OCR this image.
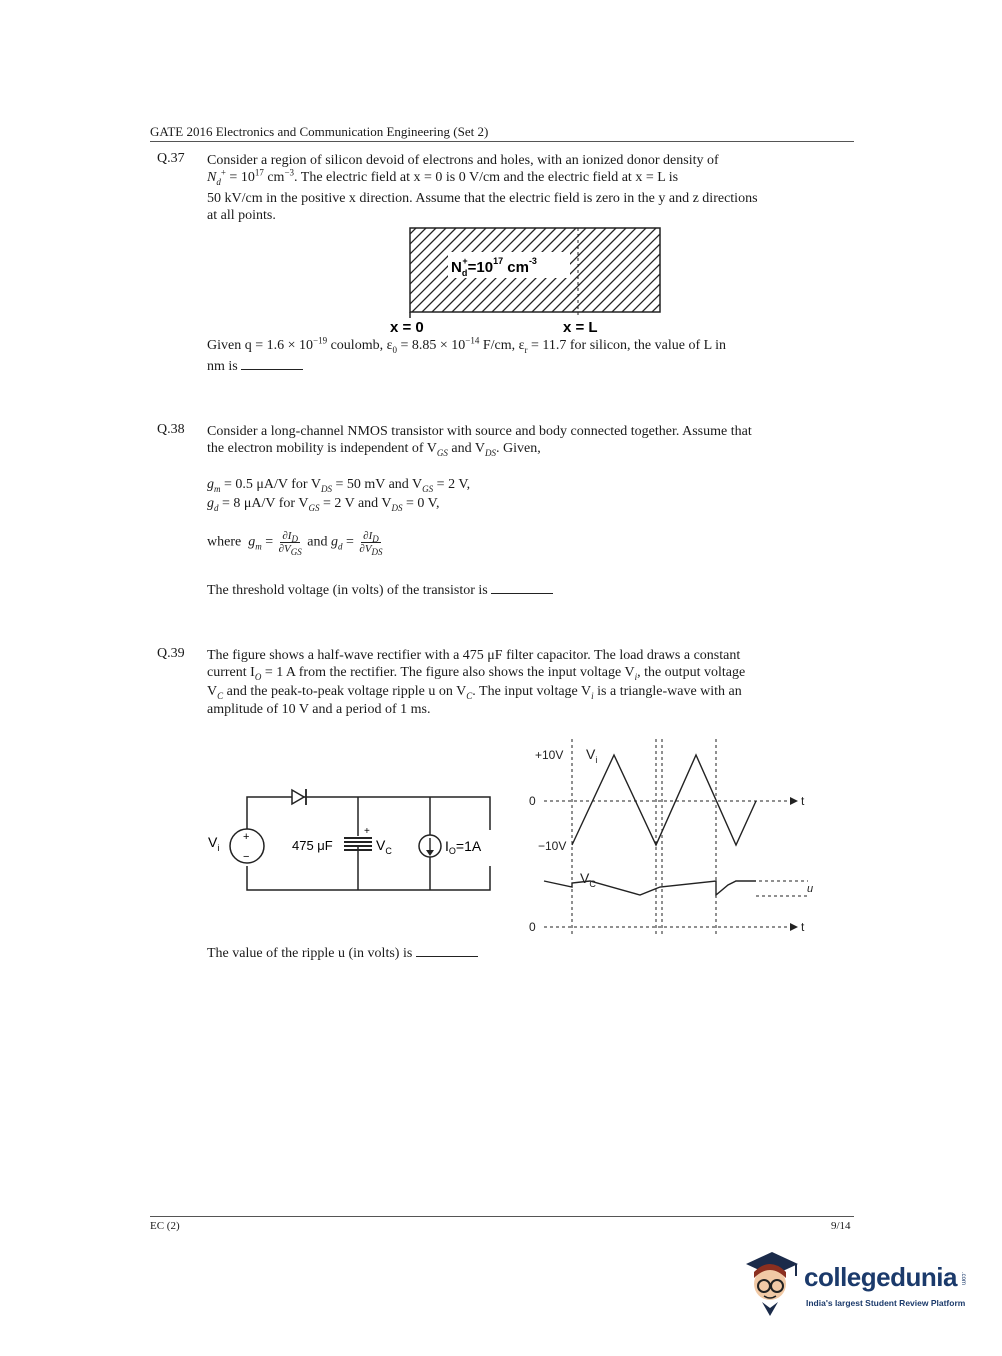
GATE 2016 Electronics and Communication Engineering (Set 2)
Q.37 Consider a region of silicon devoid of electrons and holes, with an ionized donor density of
$N_d^+ = 10^{17}$ $cm^{-3}$. The electric field at x = 0 is 0 V/cm and the electric field at x = L is
50 kV/cm in the positive x direction. Assume that the electric field is zero in the y and z directions
at all points.
$N_d+=10^{17}$ $cm^{-3}$
x = 0	x = L
Given $q = 1.6 \times 10^{-19}$ coulomb, $\varepsilon_0 = 8.85 \times 10^{-14}$ F/cm, $\varepsilon_r = 11.7$ for silicon, the value of L in
nm is
Q.38 Consider a long-channel NMOS transistor with source and body connected together. Assume that
the electron mobility is independent of $V_{GS}$ and $V_{DS}$. Given,
$g_m = 0.5$ μA/V for $V_{DS} = 50$ mV and $V_{GS} = 2$ V,
$g_d = 8$ μA/V for $V_{GS} = 2$ V and $V_{DS} = 0$ V,
where $g_m = \frac{\partial I_D}{\partial V_{GS}}$ and $g_d = \frac{\partial I_D}{\partial V_{DS}}$
The threshold voltage (in volts) of the transistor is
Q.39 The figure shows a half-wave rectifier with a 475 μF filter capacitor. The load draws a constant
current $I_O = 1$ A from the rectifier. The figure also shows the input voltage $V_i$, the output voltage
$V_C$ and the peak-to-peak voltage ripple u on $V_C$. The input voltage $V_i$ is a triangle-wave with an
amplitude of 10 V and a period of 1 ms.
+
−
$V_i$	475 μF
+
$V_C$	$I_O=1A$
+10V $V_i$
0
−10V
t
$V_C$	u
0	t
The value of the ripple u (in volts) is
EC (2)	9/14
collegedunia .com
India's largest Student Review Platform
